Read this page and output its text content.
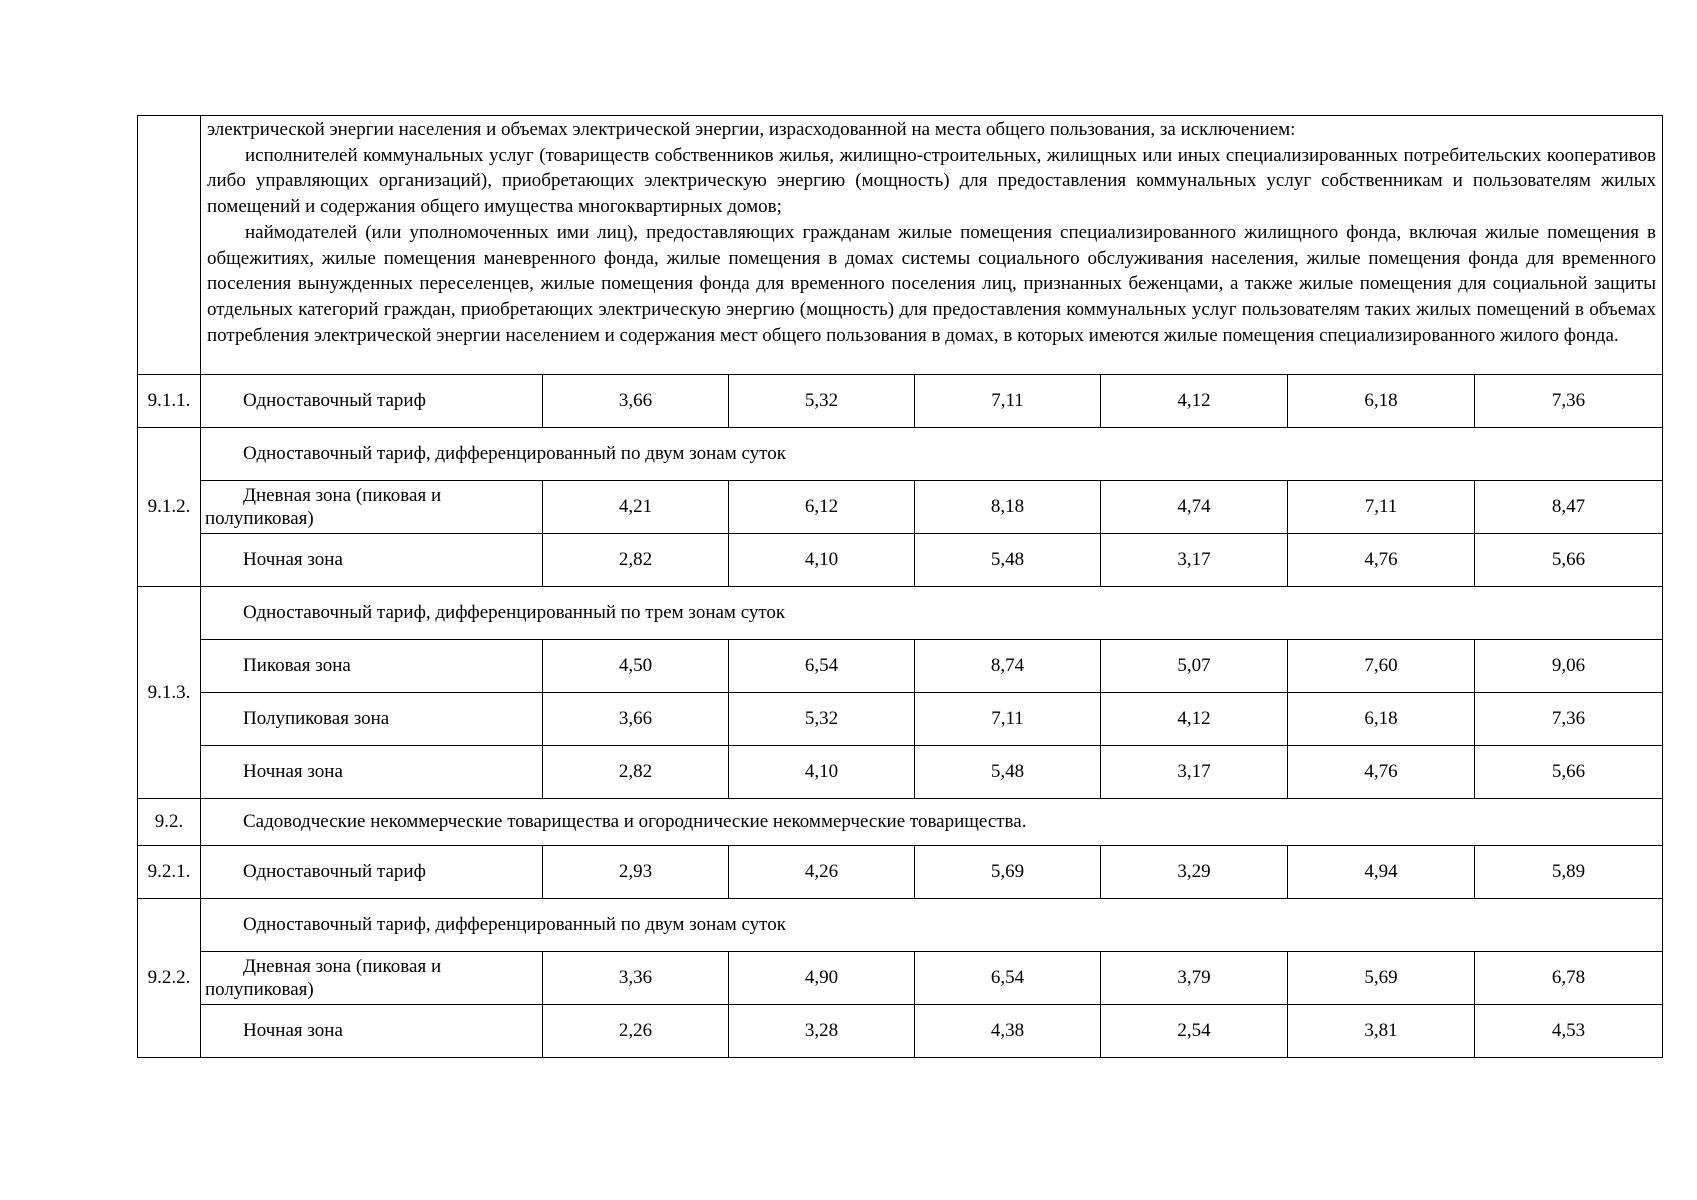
	электрической энергии населения и объемах электрической энергии, израсходованной на места общего пользования, за исключением:

исполнителей коммунальных услуг (товариществ собственников жилья, жилищно-строительных, жилищных или иных специализированных потребительских кооперативов либо управляющих организаций), приобретающих электрическую энергию (мощность) для предоставления коммунальных услуг собственникам и пользователям жилых помещений и содержания общего имущества многоквартирных домов;

наймодателей (или уполномоченных ими лиц), предоставляющих гражданам жилые помещения специализированного жилищного фонда, включая жилые помещения в общежитиях, жилые помещения маневренного фонда, жилые помещения в домах системы социального обслуживания населения, жилые помещения фонда для временного поселения вынужденных переселенцев, жилые помещения фонда для временного поселения лиц, признанных беженцами, а также жилые помещения для социальной защиты отдельных категорий граждан, приобретающих электрическую энергию (мощность) для предоставления коммунальных услуг пользователям таких жилых помещений в объемах потребления электрической энергии населением и содержания мест общего пользования в домах, в которых имеются жилые помещения специализированного жилого фонда.						

9.1.1.	Одноставочный тариф	3,66	5,32	7,11	4,12	6,18	7,36
9.1.2.	Одноставочный тариф, дифференцированный по двум зонам суток						
	Дневная зона (пиковая и полупиковая)	4,21	6,12	8,18	4,74	7,11	8,47
	Ночная зона	2,82	4,10	5,48	3,17	4,76	5,66
9.1.3.	Одноставочный тариф, дифференцированный по трем зонам суток						
	Пиковая зона	4,50	6,54	8,74	5,07	7,60	9,06
	Полупиковая зона	3,66	5,32	7,11	4,12	6,18	7,36
	Ночная зона	2,82	4,10	5,48	3,17	4,76	5,66
9.2.	Садоводческие некоммерческие товарищества и огороднические некоммерческие товарищества.						
9.2.1.	Одноставочный тариф	2,93	4,26	5,69	3,29	4,94	5,89
9.2.2.	Одноставочный тариф, дифференцированный по двум зонам суток						
	Дневная зона (пиковая и полупиковая)	3,36	4,90	6,54	3,79	5,69	6,78
	Ночная зона	2,26	3,28	4,38	2,54	3,81	4,53
